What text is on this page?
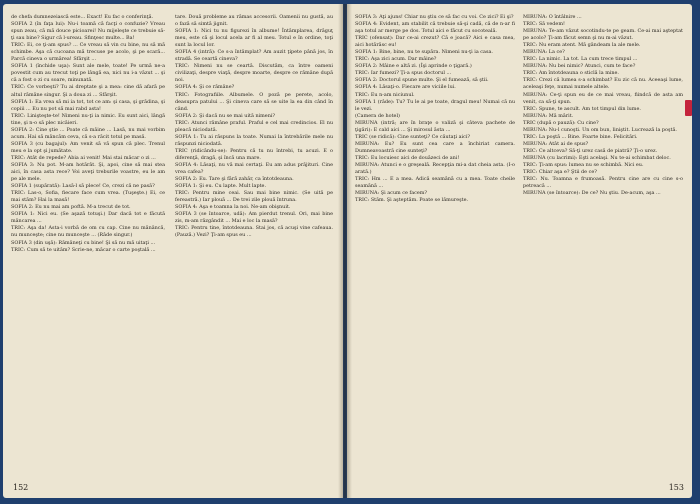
de chefa dumnezeiască este... Exact! Eu fac o conferinţă.

SOFIA 2 (în faţa lui): Nu-i toamă că facţi o confuzie? Vreau spun zeau, că mă douce picioarei! Nu mijeleşte ce trebuie să-ţi sau bine? Sigur că l-ureau. Sfinţesc multe... Ba!

TRIC: Ei, ce ţi-am spus? ... Ce vreau să vin cu bine, nu să mă schimbe. Aşa că cucoana mă trecuse pe acolo, şi pe scară... Parcă cineva o urmărea! Sfârşit ...

SOFIA 1 (închide uşa): Sunt ale mele, toate! Pe urmă ne-a povestit cum au trecut toţi pe lângă ea, nici nu i-a văzut ... şi că a fost o zi cu soare, minunată.

TRIC: Ce vorbeşti? Tu ai dreptate şi a mea: cine dă afară pe altul rămâne singur. Şi a doua zi ... Sfârşit.

SOFIA 1: Ea vrea să mi ia tot, tot ce am: şi casa, şi grădina, şi copiii ... Eu nu pot să mai rabd asta!

TRIC: Linişteşte-te! Nimeni nu-ţi ia nimic. Eu sunt aici, lângă tine, şi n-o să plec nicăieri.

SOFIA 2: Cine ştie ... Poate că mâine ... Lasă, nu mai vorbim acum. Hai să mâncăm ceva, că s-a răcit totul pe masă.

SOFIA 3 (cu bagajul): Am venit să vă spun că plec. Trenul meu e la opt şi jumătate.

TRIC: Atât de repede? Abia ai venit! Mai stai măcar o zi ...

SOFIA 3: Nu pot. M-am hotărât. Şi, apoi, cine să mai stea aici, în casa asta rece? Voi aveţi treburile voastre, eu le am pe ale mele.

SOFIA 1 (supărată): Lasă-l să plece! Ce, crezi că ne pasă?

TRIC: Las-o, Sofia, fiecare face cum vrea. (Tuşeşte.) Ei, ce mai stăm? Hai la masă!

SOFIA 2: Eu nu mai am poftă. M-a trecut de tot.

SOFIA 1: Nici eu. (Se aşază totuşi.) Dar dacă tot e făcută mâncarea ...

TRIC: Aşa da! Asta-i vorbă de om cu cap. Cine nu mănâncă, nu munceşte; cine nu munceşte ... (Râde singur.)

SOFIA 3 (din uşă): Rămâneţi cu bine! Şi să nu mă uitaţi ...

TRIC: Cum să te uităm? Scrie-ne, măcar o carte poştală ...

tare. Două probleme au rămas accesorii. Oamenii nu gustă, au o fază să simtă jignit.

SOFIA 1: Nici tu nu figurezi în albume! Întâmplarea, drăguţ meu, este că şi locul acela ar fi al meu. Totul e în ordine, toţi sunt la locul lor.

SOFIA 4 (intră): Ce s-a întâmplat? Am auzit ţipete până jos, în stradă. Se ceartă cineva?

TRIC: Nimeni nu se ceartă. Discutăm, ca între oameni civilizaţi, despre viaţă, despre moarte, despre ce rămâne după noi.

SOFIA 4: Şi ce rămâne?

TRIC: Fotografiile. Albumele. O poză pe perete, acolo, deasupra patului ... Şi cineva care să se uite la ea din când în când.

SOFIA 2: Şi dacă nu se mai uită nimeni?

TRIC: Atunci rămâne praful. Praful e cel mai credincios. El nu pleacă niciodată.

SOFIA 1: Tu ai răspuns la toate. Numai la întrebările mele nu răspunzi niciodată.

TRIC (ridicându-se): Pentru că tu nu întrebi, tu acuzi. E o diferenţă, dragă, şi încă una mare.

SOFIA 4: Lăsaţi, nu vă mai certaţi. Eu am adus prăjituri. Cine vrea cafea?

SOFIA 2: Eu. Tare şi fără zahăr, ca întotdeauna.

SOFIA 1: Şi eu. Cu lapte. Mult lapte.

TRIC: Pentru mine ceai. Sau mai bine nimic. (Se uită pe fereastră.) Iar plouă ... De trei zile plouă întruna.

SOFIA 4: Aşa e toamna la noi. Ne-am obişnuit.

SOFIA 3 (se întoarce, udă): Am pierdut trenul. Ori, mai bine zis, m-am răzgândit ... Mai e loc la masă?

TRIC: Pentru tine, întotdeauna. Stai jos, că acuşi vine cafeaua. (Pauză.) Vezi? Ţi-am spus eu ...

152

SOFIA 3: Aţi ajuns! Chiar nu ştiu ce să fac cu voi. Ce zici? Ei şi?

SOFIA 4: Evident, am stabilit că trebuie să-şi cadă, că de n-ar fi aşa totul ar merge pe dos. Totul aici e făcut cu socoteală.

TRIC (ofensat): Dar ce-ai crezut? Că e joacă? Aici e casa mea, aici hotărăsc eu!

SOFIA 1: Bine, bine, nu te supăra. Nimeni nu-ţi ia casa.

TRIC: Aşa zici acum. Dar mâine?

SOFIA 2: Mâine e altă zi. (Îşi aprinde o ţigară.)

TRIC: Iar fumezi? Ţi-a spus doctorul ...

SOFIA 2: Doctorul spune multe. Şi el fumează, să ştii.

SOFIA 4: Lăsaţi-o. Fiecare are viciile lui.

TRIC: Eu n-am niciunul.

SOFIA 1 (râde): Tu? Tu le ai pe toate, dragul meu! Numai că nu le vezi.

(Camera de hotel)

MIRUNA (intră; are în braţe o valiză şi câteva pachete de ţigări): E cald aici ... Şi mirosul ăsta ...

TRIC (se ridică): Cine sunteţi? Ce căutaţi aici?

MIRUNA: Eu? Eu sunt cea care a închiriat camera. Dumneavoastră cine sunteţi?

TRIC: Eu locuiesc aici de douăzeci de ani!

MIRUNA: Atunci e o greşeală. Recepţia mi-a dat cheia asta. (I-o arată.)

TRIC: Hm ... E a mea. Adică seamănă cu a mea. Toate cheile seamănă ...

MIRUNA: Şi acum ce facem?

TRIC: Stăm. Şi aşteptăm. Poate se lămureşte.

MIRUNA: O întâlnire ...

TRIC: Să vedem!

MIRUNA: Te-am văzut socotindu-te pe geam. Ce-ai mai aşteptat pe acolo? Ţi-am făcut semn şi nu m-ai văzut.

TRIC: Nu eram atent. Mă gândeam la ale mele.

MIRUNA: La ce?

TRIC: La nimic. La tot. La cum trece timpul ...

MIRUNA: Nu bei nimic? Atunci, cum te face?

TRIC: Am întotdeauna o sticlă la mine.

TRIC: Crezi că lumea s-a schimbat? Eu zic că nu. Aceeaşi lume, aceleaşi feţe, numai numele altele.

MIRUNA: Ce-ţi spun eu de ce mai vreau, fiindcă de asta am venit, ca să-ţi spun.

TRIC: Spune, te ascult. Am tot timpul din lume.

MIRUNA: Mă mărit.

TRIC (după o pauză): Cu cine?

MIRUNA: Nu-l cunoşti. Un om bun, liniştit. Lucrează la poştă.

TRIC: La poştă ... Bine. Foarte bine. Felicitări.

MIRUNA: Atât ai de spus?

TRIC: Ce altceva? Să-ţi urez casă de piatră? Ţi-o urez.

MIRUNA (cu lacrimi): Eşti acelaşi. Nu te-ai schimbat deloc.

TRIC: Ţi-am spus: lumea nu se schimbă. Nici eu.

TRIC: Chiar aşa e? Ştii de ce?

TRIC: Nu. Toamna e frumoasă. Pentru cine are cu cine s-o petreacă ...

MIRUNA (se întoarce): De ce? Nu ştiu. De-acum, aşa ...

153
